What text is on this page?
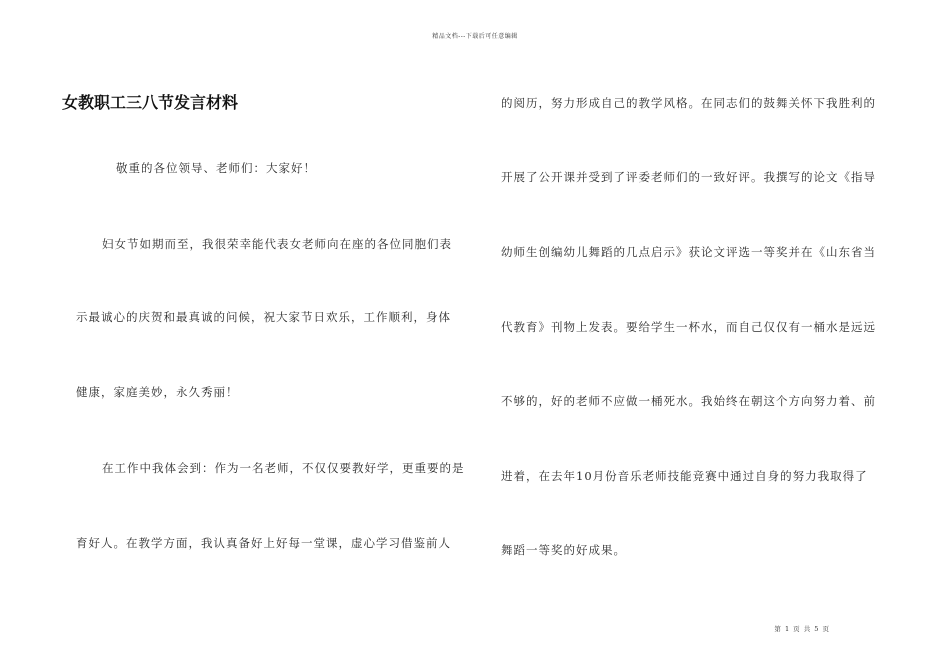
精品文档---下载后可任意编辑
女教职工三八节发言材料
敬重的各位领导、老师们：大家好！
妇女节如期而至，我很荣幸能代表女老师向在座的各位同胞们表
示最诚心的庆贺和最真诚的问候，祝大家节日欢乐，工作顺利，身体
健康，家庭美妙，永久秀丽！
在工作中我体会到：作为一名老师，不仅仅要教好学，更重要的是
育好人。在教学方面，我认真备好上好每一堂课，虚心学习借鉴前人
的阅历，努力形成自己的教学风格。在同志们的鼓舞关怀下我胜利的
开展了公开课并受到了评委老师们的一致好评。我撰写的论文《指导
幼师生创编幼儿舞蹈的几点启示》获论文评选一等奖并在《山东省当
代教育》刊物上发表。要给学生一杯水，而自己仅仅有一桶水是远远
不够的，好的老师不应做一桶死水。我始终在朝这个方向努力着、前
进着，在去年10月份音乐老师技能竞赛中通过自身的努力我取得了
舞蹈一等奖的好成果。
第 1 页 共 5 页
